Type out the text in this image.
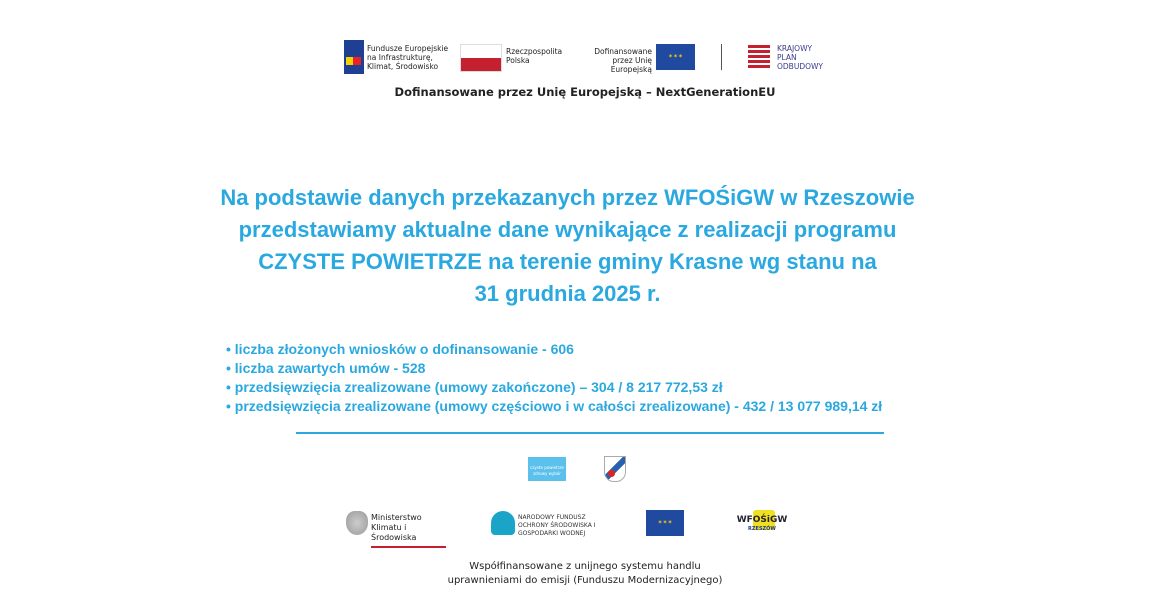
Fundusze Europejskie na Infrastrukturę, Klimat, Środowisko
Rzeczpospolita Polska
Dofinansowane przez Unię Europejską
✶✶✶
KRAJOWY PLAN ODBUDOWY
Dofinansowane przez Unię Europejską – NextGenerationEU
Na podstawie danych przekazanych przez WFOŚiGW w Rzeszowie
przedstawiamy aktualne dane wynikające z realizacji programu
CZYSTE POWIETRZE na terenie gminy Krasne wg stanu na
31 grudnia 2025 r.
• liczba złożonych wniosków o dofinansowanie - 606
• liczba zawartych umów - 528
• przedsięwzięcia zrealizowane (umowy zakończone) – 304 / 8 217 772,53 zł
• przedsięwzięcia zrealizowane (umowy częściowo i w całości zrealizowane) - 432 / 13 077 989,14 zł
czyste powietrze zdrowy wybór
Ministerstwo Klimatu i Środowiska
NARODOWY FUNDUSZ OCHRONY ŚRODOWISKA I GOSPODARKI WODNEJ
✶✶✶	WFOŚiGW
RZESZÓW
Współfinansowane z unijnego systemu handlu
uprawnieniami do emisji (Funduszu Modernizacyjnego)
